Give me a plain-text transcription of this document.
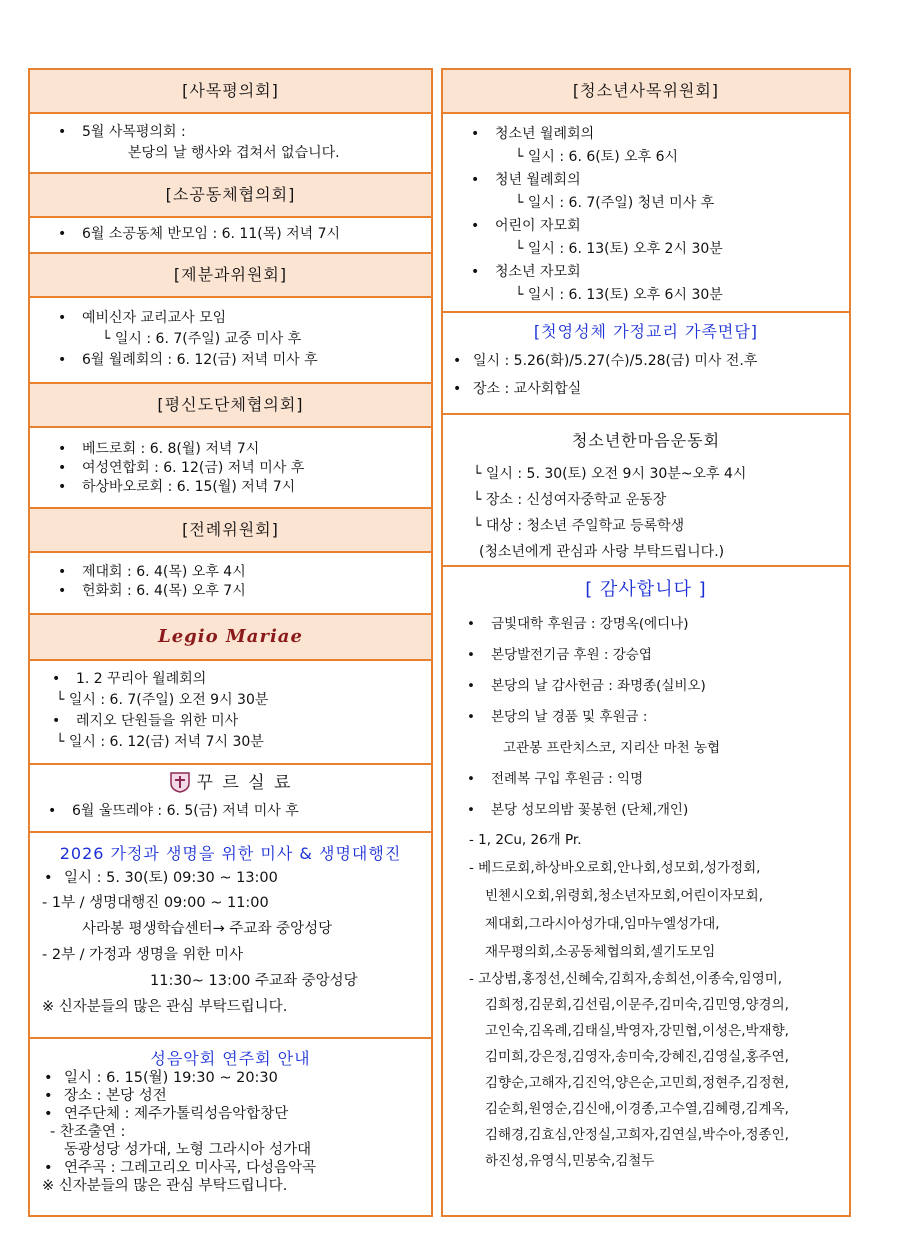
[사목평의회]
• 5월 사목평의회 :
본당의 날 행사와 겹쳐서 없습니다.
[소공동체협의회]
• 6월 소공동체 반모임 : 6. 11(목) 저녁 7시
[제분과위원회]
• 예비신자 교리교사 모임
└ 일시 : 6. 7(주일) 교중 미사 후
• 6월 월례회의 : 6. 12(금) 저녁 미사 후
[평신도단체협의회]
• 베드로회 : 6. 8(월) 저녁 7시
• 여성연합회 : 6. 12(금) 저녁 미사 후
• 하상바오로회 : 6. 15(월) 저녁 7시
[전례위원회]
• 제대회 : 6. 4(목) 오후 4시
• 헌화회 : 6. 4(목) 오후 7시
Legio Mariae
• 1. 2 꾸리아 월례회의
└ 일시 : 6. 7(주일) 오전 9시 30분
• 레지오 단원들을 위한 미사
└ 일시 : 6. 12(금) 저녁 7시 30분
꾸 르 실 료
• 6월 울뜨레야 : 6. 5(금) 저녁 미사 후
2026 가정과 생명을 위한 미사 & 생명대행진
• 일시 : 5. 30(토) 09:30 ~ 13:00
- 1부 / 생명대행진 09:00 ~ 11:00
사라봉 평생학습센터→ 주교좌 중앙성당
- 2부 / 가정과 생명을 위한 미사
11:30~ 13:00 주교좌 중앙성당
※ 신자분들의 많은 관심 부탁드립니다.
성음악회 연주회 안내
• 일시 : 6. 15(월) 19:30 ~ 20:30
• 장소 : 본당 성전
• 연주단체 : 제주가톨릭성음악합창단
- 찬조출연 :
동광성당 성가대, 노형 그라시아 성가대
• 연주곡 : 그레고리오 미사곡, 다성음악곡
※ 신자분들의 많은 관심 부탁드립니다.
[청소년사목위원회]
• 청소년 월례회의
└ 일시 : 6. 6(토) 오후 6시
• 청년 월례회의
└ 일시 : 6. 7(주일) 청년 미사 후
• 어린이 자모회
└ 일시 : 6. 13(토) 오후 2시 30분
• 청소년 자모회
└ 일시 : 6. 13(토) 오후 6시 30분
[첫영성체 가정교리 가족면담]
• 일시 : 5.26(화)/5.27(수)/5.28(금) 미사 전.후
• 장소 : 교사회합실
청소년한마음운동회
└ 일시 : 5. 30(토) 오전 9시 30분~오후 4시
└ 장소 : 신성여자중학교 운동장
└ 대상 : 청소년 주일학교 등록학생
(청소년에게 관심과 사랑 부탁드립니다.)
[ 감사합니다 ]
• 금빛대학 후원금 : 강명옥(에디나)
• 본당발전기금 후원 : 강승엽
• 본당의 날 감사헌금 : 좌명종(실비오)
• 본당의 날 경품 및 후원금 :
고관봉 프란치스코, 지리산 마천 농협
• 전례복 구입 후원금 : 익명
• 본당 성모의밤 꽃봉헌 (단체,개인)
- 1, 2Cu, 26개 Pr.
- 베드로회,하상바오로회,안나회,성모회,성가정회,
빈첸시오회,위령회,청소년자모회,어린이자모회,
제대회,그라시아성가대,임마누엘성가대,
재무평의회,소공동체협의회,셀기도모임
- 고상범,홍정선,신혜숙,김희자,송희선,이종숙,임영미,
김희정,김문회,김선림,이문주,김미숙,김민영,양경의,
고인숙,김옥례,김태실,박영자,강민협,이성은,박재향,
김미희,강은정,김영자,송미숙,강혜진,김영실,홍주연,
김향순,고해자,김진억,양은순,고민희,정현주,김정현,
김순희,원영순,김신애,이경종,고수열,김혜령,김계옥,
김해경,김효심,안정실,고희자,김연실,박수아,정종인,
하진성,유영식,민봉숙,김철두
